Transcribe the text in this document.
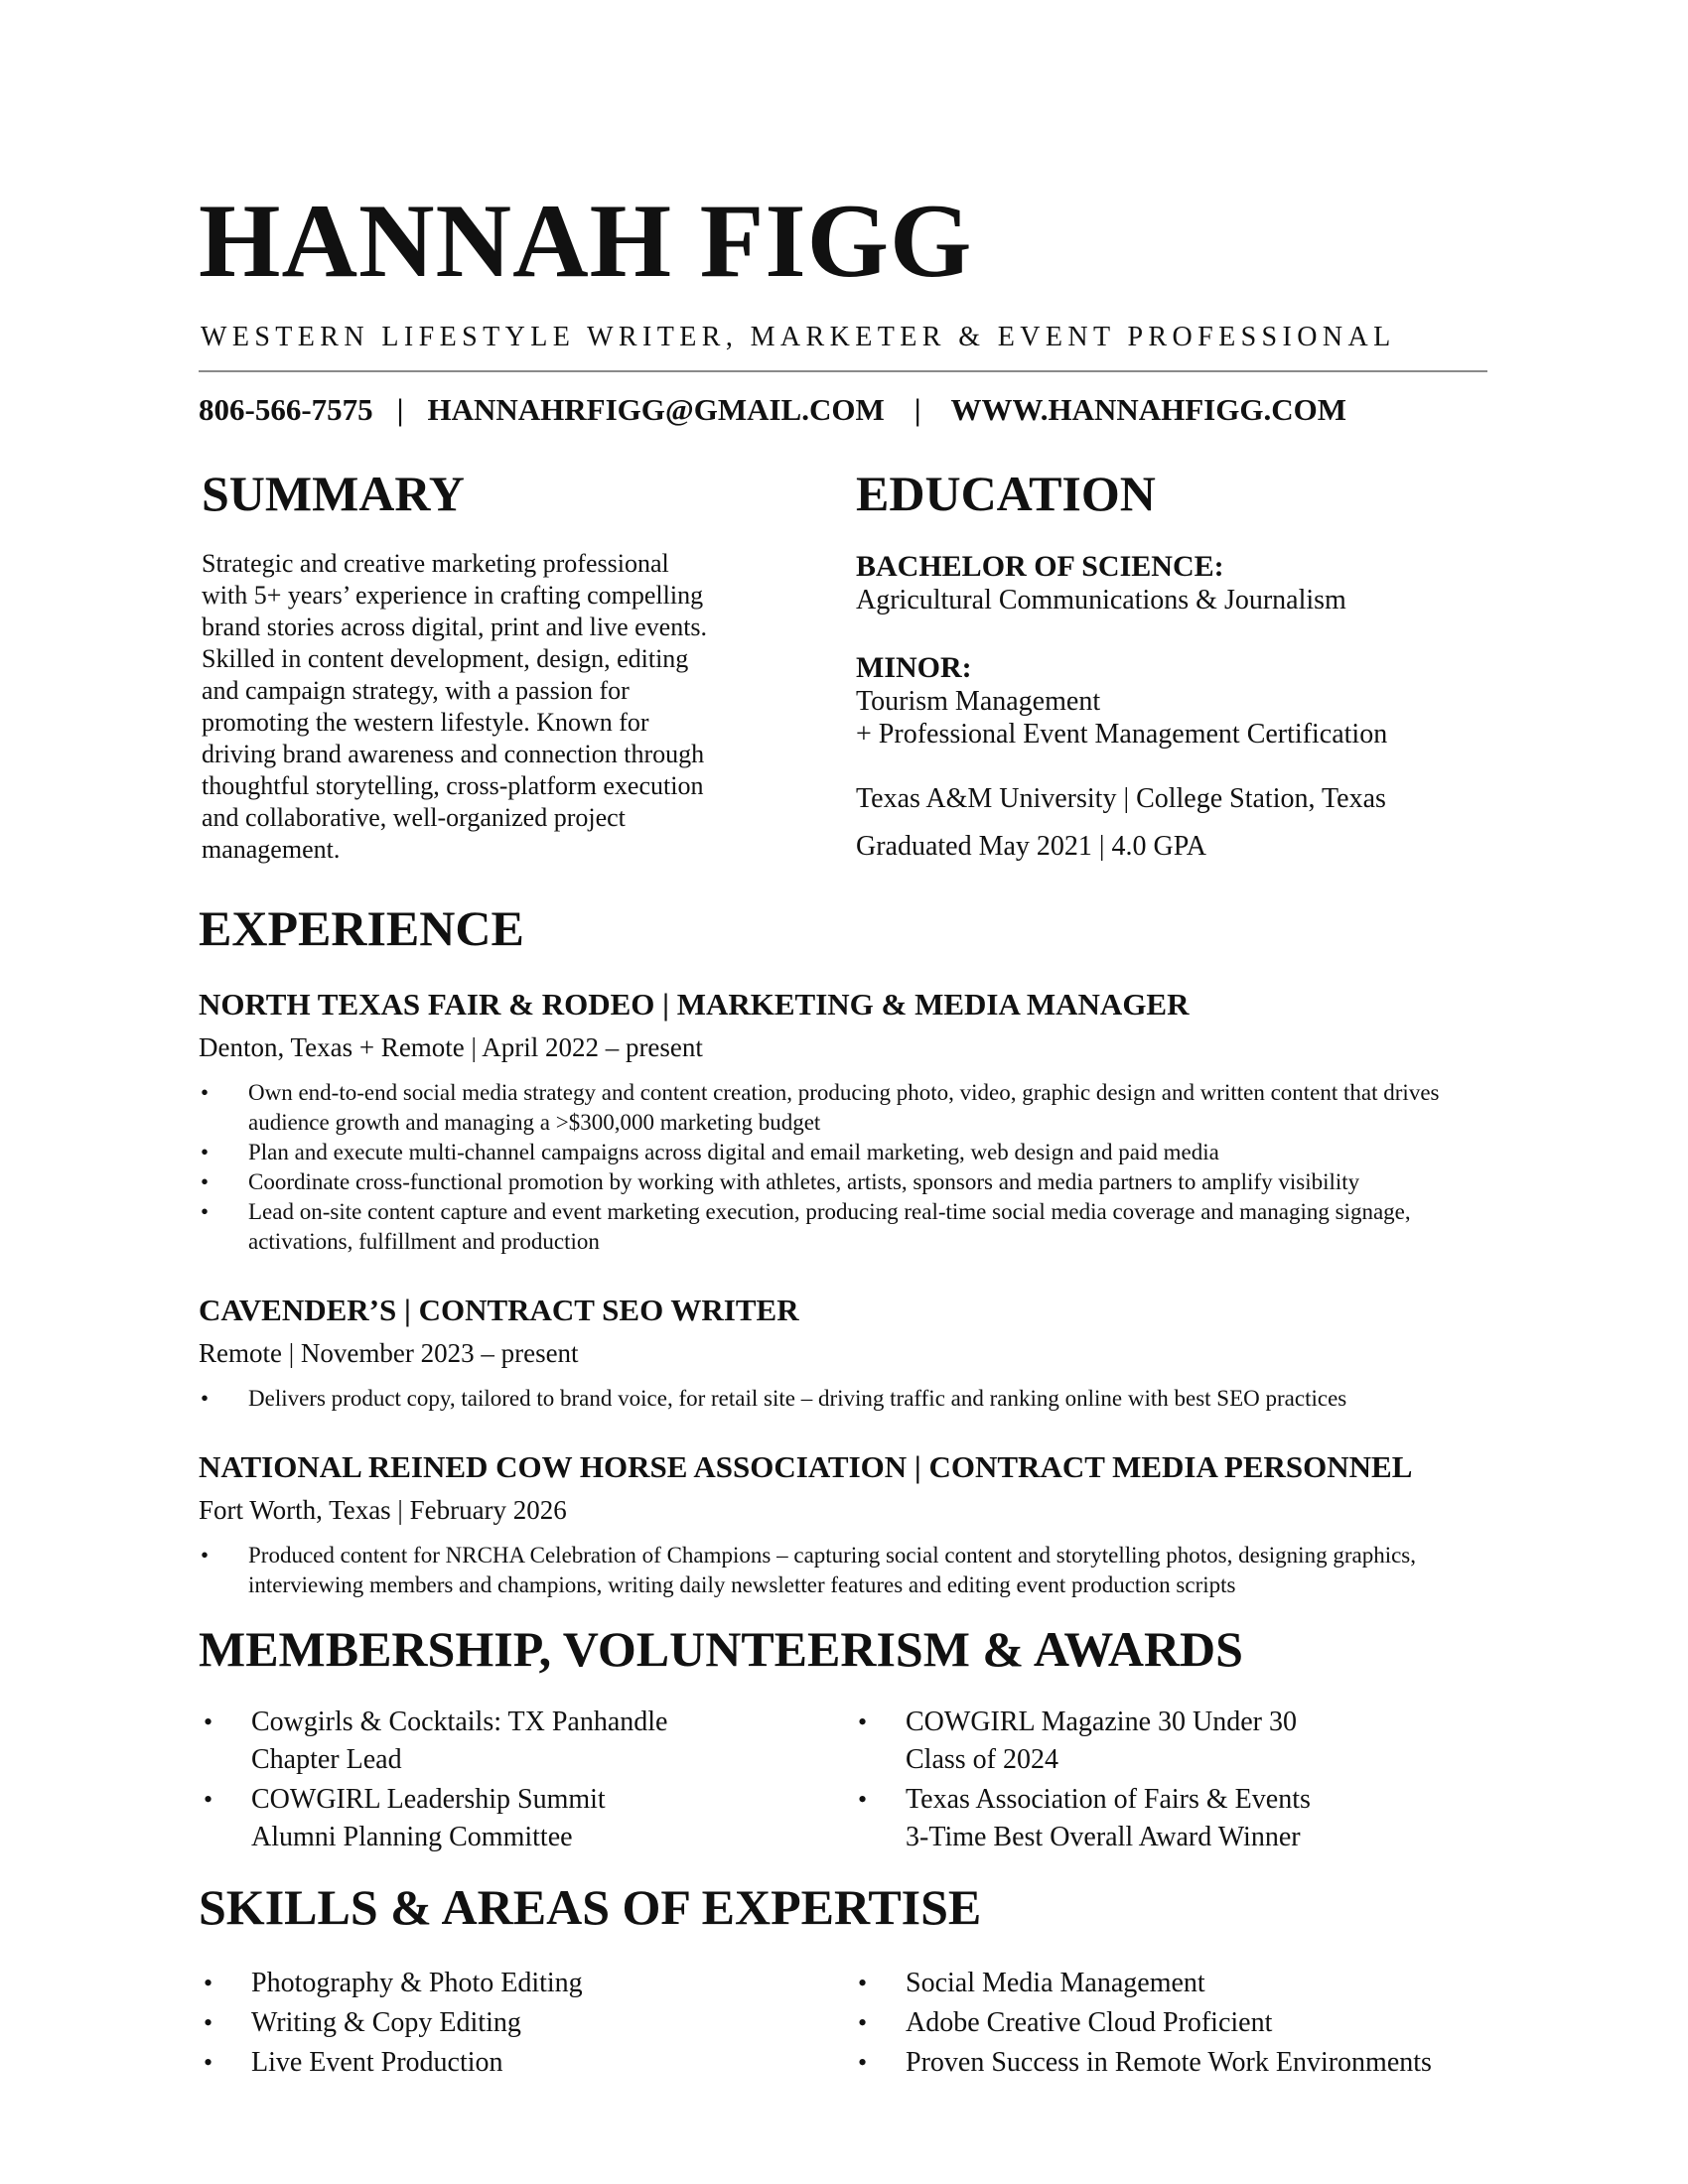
HANNAH FIGG
WESTERN LIFESTYLE WRITER, MARKETER & EVENT PROFESSIONAL
806-566-7575 | HANNAHRFIGG@GMAIL.COM | WWW.HANNAHFIGG.COM
SUMMARY
Strategic and creative marketing professional
with 5+ years’ experience in crafting compelling
brand stories across digital, print and live events.
Skilled in content development, design, editing
and campaign strategy, with a passion for
promoting the western lifestyle. Known for
driving brand awareness and connection through
thoughtful storytelling, cross-platform execution
and collaborative, well-organized project
management.
EDUCATION
BACHELOR OF SCIENCE:
Agricultural Communications & Journalism
MINOR:
Tourism Management
+ Professional Event Management Certification
Texas A&M University | College Station, Texas
Graduated May 2021 | 4.0 GPA
EXPERIENCE
NORTH TEXAS FAIR & RODEO | MARKETING & MEDIA MANAGER
Denton, Texas + Remote | April 2022 – present
• Own end-to-end social media strategy and content creation, producing photo, video, graphic design and written content that drives audience growth and managing a >$300,000 marketing budget
• Plan and execute multi-channel campaigns across digital and email marketing, web design and paid media
• Coordinate cross-functional promotion by working with athletes, artists, sponsors and media partners to amplify visibility
• Lead on-site content capture and event marketing execution, producing real-time social media coverage and managing signage, activations, fulfillment and production
CAVENDER’S | CONTRACT SEO WRITER
Remote | November 2023 – present
• Delivers product copy, tailored to brand voice, for retail site – driving traffic and ranking online with best SEO practices
NATIONAL REINED COW HORSE ASSOCIATION | CONTRACT MEDIA PERSONNEL
Fort Worth, Texas | February 2026
• Produced content for NRCHA Celebration of Champions – capturing social content and storytelling photos, designing graphics, interviewing members and champions, writing daily newsletter features and editing event production scripts
MEMBERSHIP, VOLUNTEERISM & AWARDS
• Cowgirls & Cocktails: TX Panhandle
Chapter Lead
• COWGIRL Leadership Summit
Alumni Planning Committee
• COWGIRL Magazine 30 Under 30
Class of 2024
• Texas Association of Fairs & Events
3-Time Best Overall Award Winner
SKILLS & AREAS OF EXPERTISE
• Photography & Photo Editing
• Writing & Copy Editing
• Live Event Production
• Social Media Management
• Adobe Creative Cloud Proficient
• Proven Success in Remote Work Environments
